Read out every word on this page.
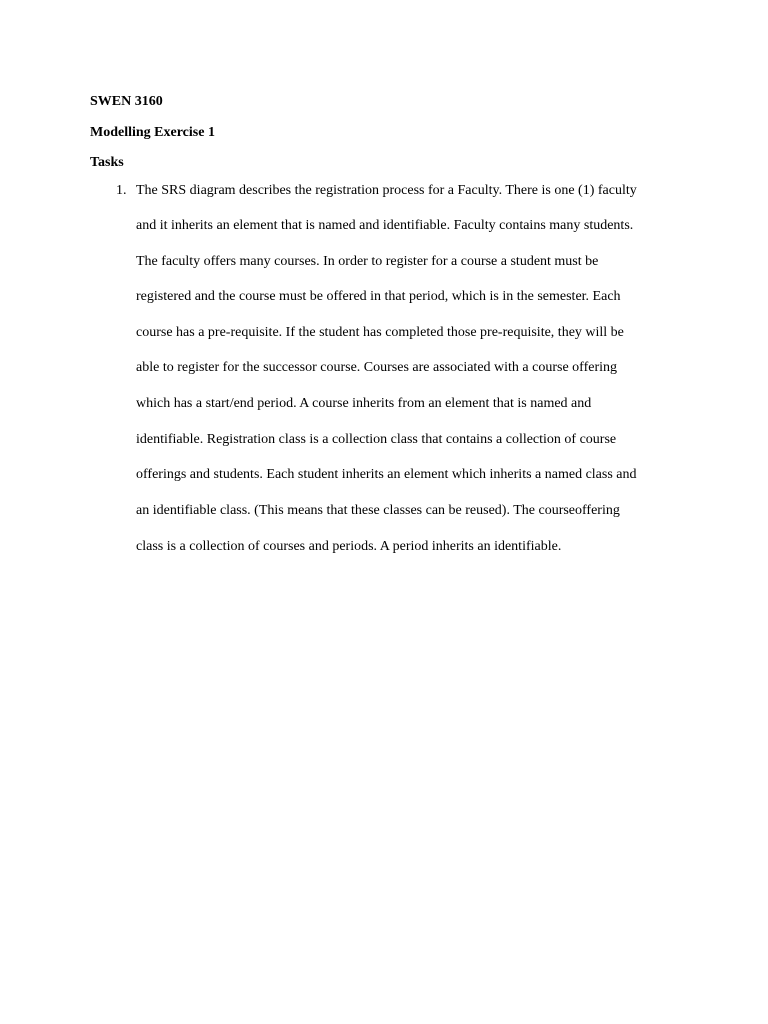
SWEN 3160
Modelling Exercise 1
Tasks
1. The SRS diagram describes the registration process for a Faculty. There is one (1) faculty
and it inherits an element that is named and identifiable. Faculty contains many students.
The faculty offers many courses. In order to register for a course a student must be
registered and the course must be offered in that period, which is in the semester. Each
course has a pre-requisite. If the student has completed those pre-requisite, they will be
able to register for the successor course. Courses are associated with a course offering
which has a start/end period. A course inherits from an element that is named and
identifiable. Registration class is a collection class that contains a collection of course
offerings and students. Each student inherits an element which inherits a named class and
an identifiable class. (This means that these classes can be reused). The courseoffering
class is a collection of courses and periods. A period inherits an identifiable.
